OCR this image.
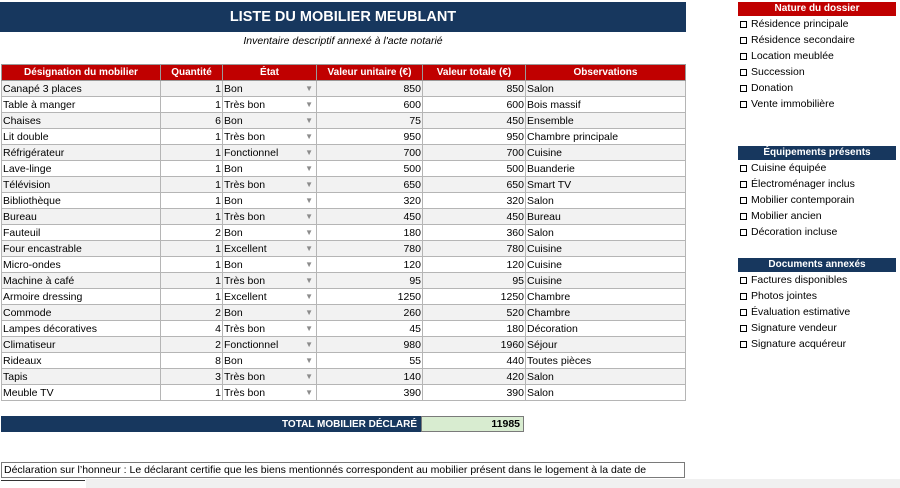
LISTE DU MOBILIER MEUBLANT
Inventaire descriptif annexé à l'acte notarié
Désignation du mobilier	Quantité	État	Valeur unitaire (€)	Valeur totale (€)	Observations
Canapé 3 places	1	Bon ▼	850	850	Salon
Table à manger	1	Très bon ▼	600	600	Bois massif
Chaises	6	Bon ▼	75	450	Ensemble
Lit double	1	Très bon ▼	950	950	Chambre principale
Réfrigérateur	1	Fonctionnel ▼	700	700	Cuisine
Lave-linge	1	Bon ▼	500	500	Buanderie
Télévision	1	Très bon ▼	650	650	Smart TV
Bibliothèque	1	Bon ▼	320	320	Salon
Bureau	1	Très bon ▼	450	450	Bureau
Fauteuil	2	Bon ▼	180	360	Salon
Four encastrable	1	Excellent ▼	780	780	Cuisine
Micro-ondes	1	Bon ▼	120	120	Cuisine
Machine à café	1	Très bon ▼	95	95	Cuisine
Armoire dressing	1	Excellent ▼	1250	1250	Chambre
Commode	2	Bon ▼	260	520	Chambre
Lampes décoratives	4	Très bon ▼	45	180	Décoration
Climatiseur	2	Fonctionnel ▼	980	1960	Séjour
Rideaux	8	Bon ▼	55	440	Toutes pièces
Tapis	3	Très bon ▼	140	420	Salon
Meuble TV	1	Très bon ▼	390	390	Salon
TOTAL MOBILIER DÉCLARÉ	11985
Déclaration sur l’honneur : Le déclarant certifie que les biens mentionnés correspondent au mobilier présent dans le logement à la date de
Nature du dossier
Résidence principale
Résidence secondaire
Location meublée
Succession
Donation
Vente immobilière
Équipements présents
Cuisine équipée
Électroménager inclus
Mobilier contemporain
Mobilier ancien
Décoration incluse
Documents annexés
Factures disponibles
Photos jointes
Évaluation estimative
Signature vendeur
Signature acquéreur
